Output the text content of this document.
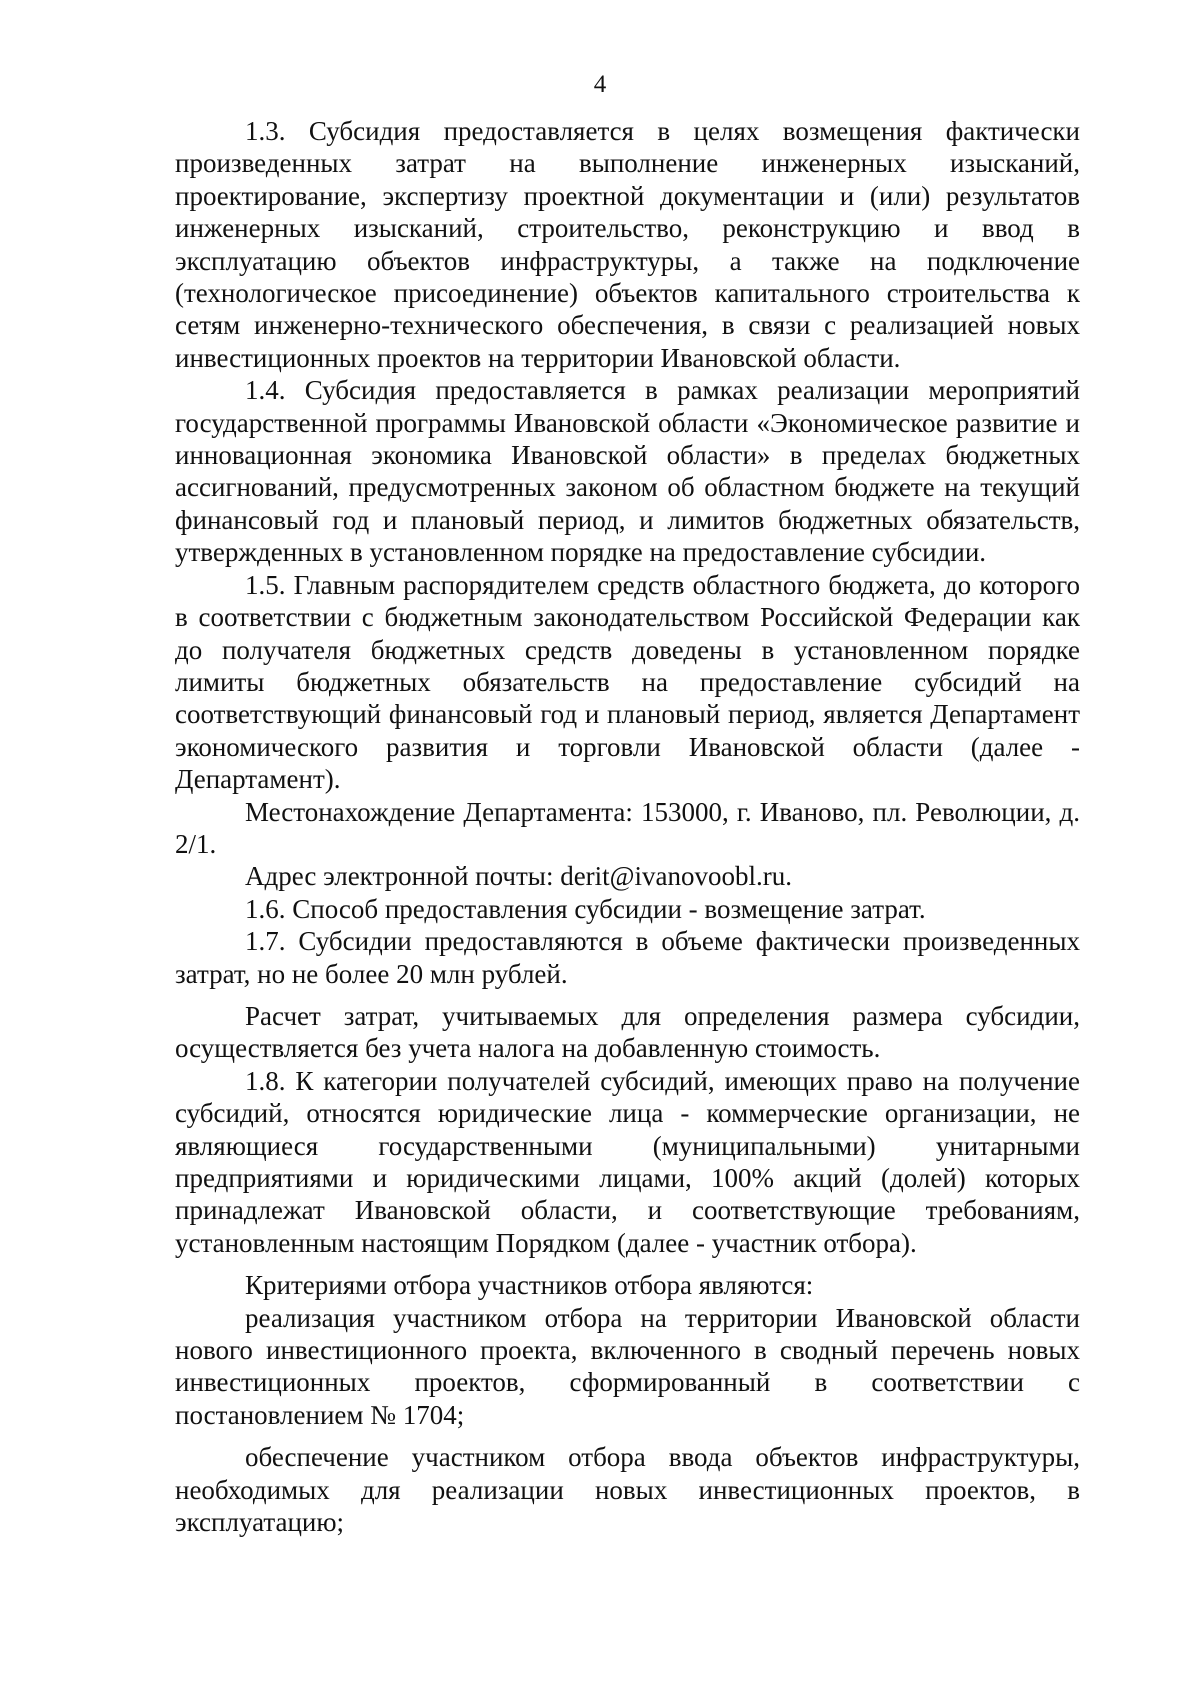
4

1.3. Субсидия предоставляется в целях возмещения фактически произведенных затрат на выполнение инженерных изысканий, проектирование, экспертизу проектной документации и (или) результатов инженерных изысканий, строительство, реконструкцию и ввод в эксплуатацию объектов инфраструктуры, а также на подключение (технологическое присоединение) объектов капитального строительства к сетям инженерно-технического обеспечения, в связи с реализацией новых инвестиционных проектов на территории Ивановской области.

1.4. Субсидия предоставляется в рамках реализации мероприятий государственной программы Ивановской области «Экономическое развитие и инновационная экономика Ивановской области» в пределах бюджетных ассигнований, предусмотренных законом об областном бюджете на текущий финансовый год и плановый период, и лимитов бюджетных обязательств, утвержденных в установленном порядке на предоставление субсидии.

1.5. Главным распорядителем средств областного бюджета, до которого в соответствии с бюджетным законодательством Российской Федерации как до получателя бюджетных средств доведены в установленном порядке лимиты бюджетных обязательств на предоставление субсидий на соответствующий финансовый год и плановый период, является Департамент экономического развития и торговли Ивановской области (далее - Департамент).

Местонахождение Департамента: 153000, г. Иваново, пл. Революции, д. 2/1.

Адрес электронной почты: derit@ivanovoobl.ru.

1.6. Способ предоставления субсидии - возмещение затрат.

1.7. Субсидии предоставляются в объеме фактически произведенных затрат, но не более 20 млн рублей.

Расчет затрат, учитываемых для определения размера субсидии, осуществляется без учета налога на добавленную стоимость.

1.8. К категории получателей субсидий, имеющих право на получение субсидий, относятся юридические лица - коммерческие организации, не являющиеся государственными (муниципальными) унитарными предприятиями и юридическими лицами, 100% акций (долей) которых принадлежат Ивановской области, и соответствующие требованиям, установленным настоящим Порядком (далее - участник отбора).

Критериями отбора участников отбора являются:

реализация участником отбора на территории Ивановской области нового инвестиционного проекта, включенного в сводный перечень новых инвестиционных проектов, сформированный в соответствии с постановлением № 1704;

обеспечение участником отбора ввода объектов инфраструктуры, необходимых для реализации новых инвестиционных проектов, в эксплуатацию;
